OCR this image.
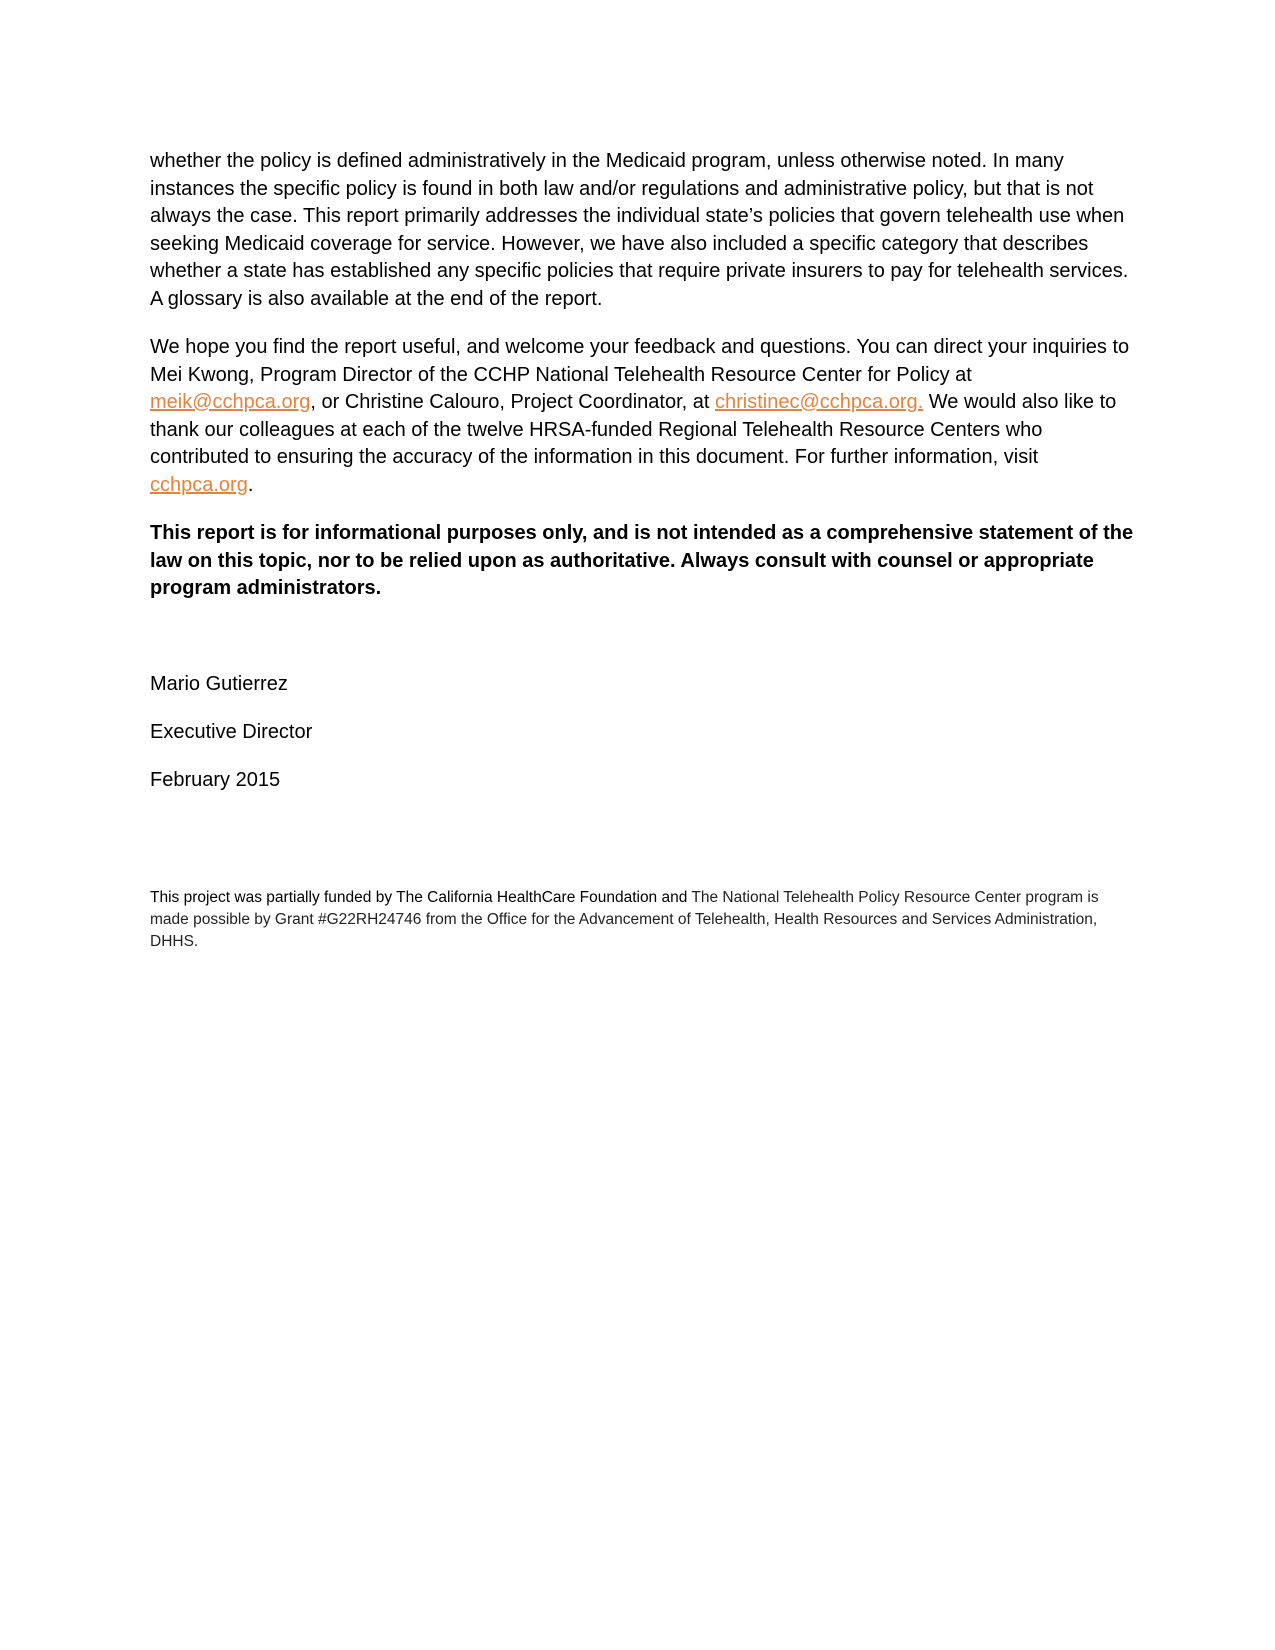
whether the policy is defined administratively in the Medicaid program, unless otherwise noted. In many instances the specific policy is found in both law and/or regulations and administrative policy, but that is not always the case. This report primarily addresses the individual state’s policies that govern telehealth use when seeking Medicaid coverage for service. However, we have also included a specific category that describes whether a state has established any specific policies that require private insurers to pay for telehealth services. A glossary is also available at the end of the report.

We hope you find the report useful, and welcome your feedback and questions. You can direct your inquiries to Mei Kwong, Program Director of the CCHP National Telehealth Resource Center for Policy at meik@cchpca.org, or Christine Calouro, Project Coordinator, at christinec@cchpca.org. We would also like to thank our colleagues at each of the twelve HRSA-funded Regional Telehealth Resource Centers who contributed to ensuring the accuracy of the information in this document. For further information, visit cchpca.org.

This report is for informational purposes only, and is not intended as a comprehensive statement of the law on this topic, nor to be relied upon as authoritative. Always consult with counsel or appropriate program administrators.

Mario Gutierrez

Executive Director

February 2015

This project was partially funded by The California HealthCare Foundation and The National Telehealth Policy Resource Center program is made possible by Grant #G22RH24746 from the Office for the Advancement of Telehealth, Health Resources and Services Administration, DHHS.
